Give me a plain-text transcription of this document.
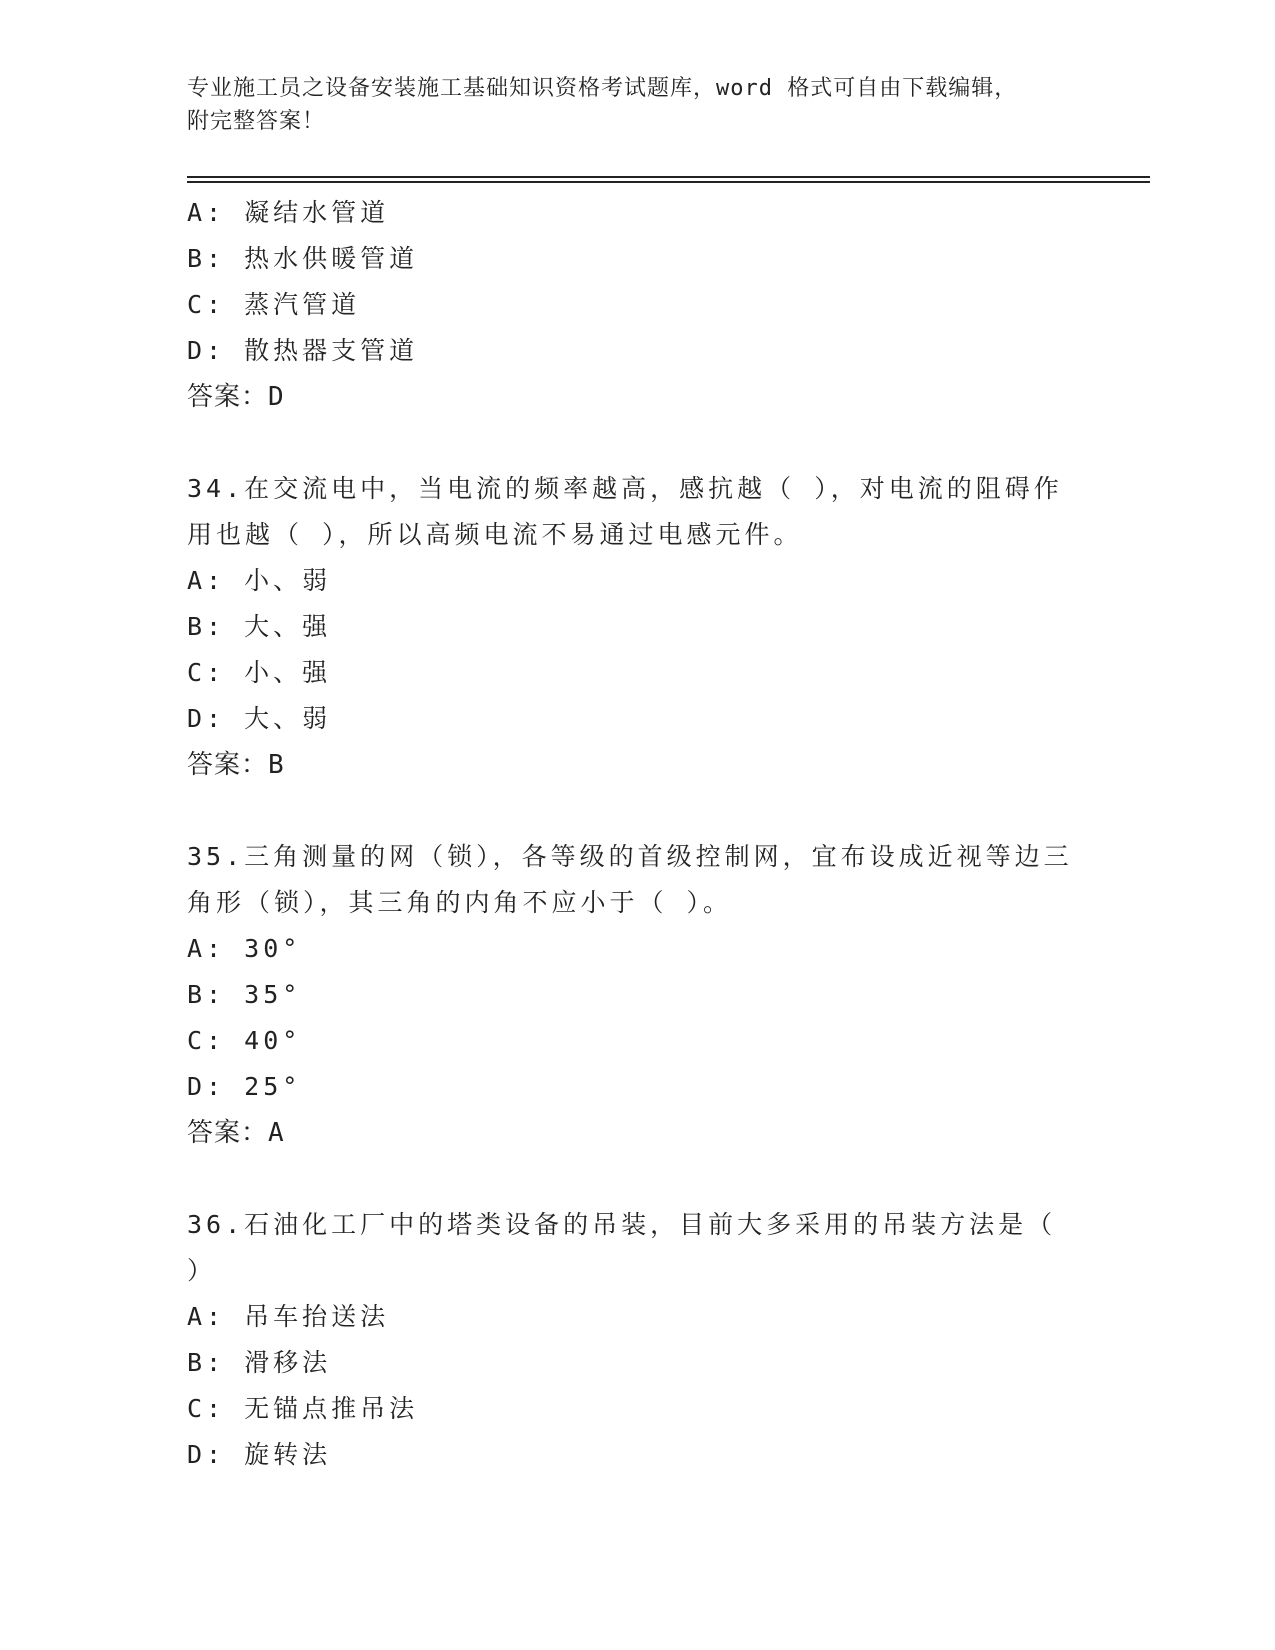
专业施工员之设备安装施工基础知识资格考试题库，word 格式可自由下载编辑，
附完整答案！
A: 凝结水管道
B: 热水供暖管道
C: 蒸汽管道
D: 散热器支管道
答案：D
34.在交流电中，当电流的频率越高，感抗越（ ），对电流的阻碍作
用也越（ ），所以高频电流不易通过电感元件。
A: 小、弱
B: 大、强
C: 小、强
D: 大、弱
答案：B
35.三角测量的网（锁），各等级的首级控制网，宜布设成近视等边三
角形（锁），其三角的内角不应小于（ ）。
A: 30°
B: 35°
C: 40°
D: 25°
答案：A
36.石油化工厂中的塔类设备的吊装，目前大多采用的吊装方法是（
）
A: 吊车抬送法
B: 滑移法
C: 无锚点推吊法
D: 旋转法
